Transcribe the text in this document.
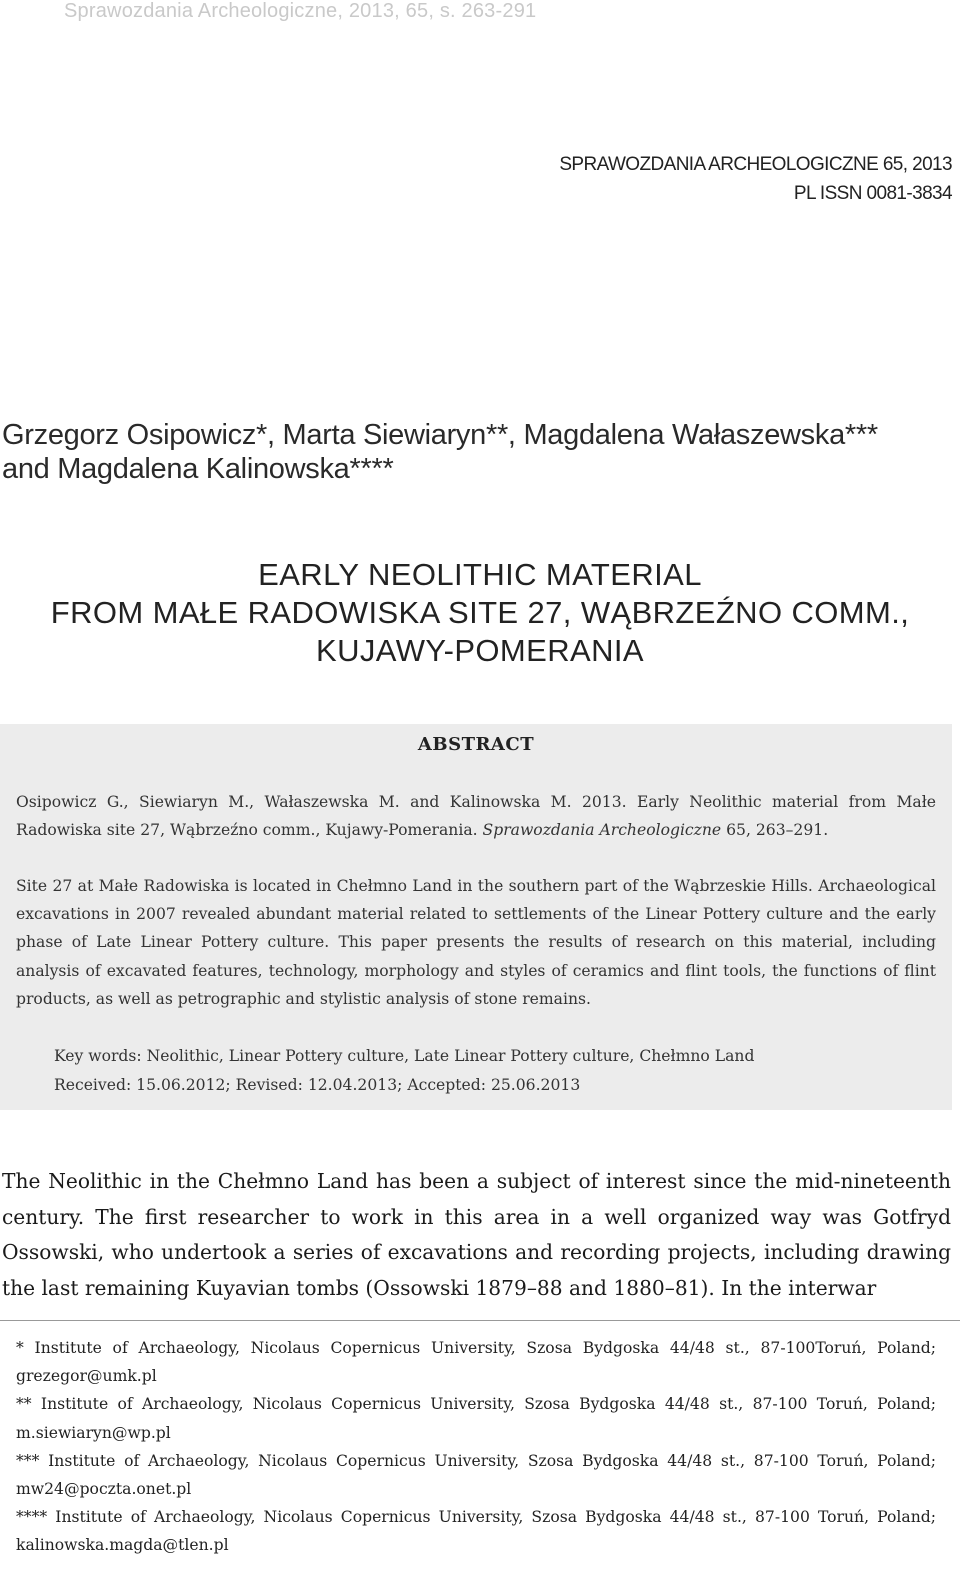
Sprawozdania Archeologiczne, 2013, 65, s. 263-291
SPRAWOZDANIA ARCHEOLOGICZNE 65, 2013
PL ISSN 0081-3834
Grzegorz Osipowicz*, Marta Siewiaryn**, Magdalena Wałaszewska***
and Magdalena Kalinowska****
EARLY NEOLITHIC MATERIAL
FROM MAŁE RADOWISKA SITE 27, WĄBRZEŹNO COMM.,
KUJAWY-POMERANIA
ABSTRACT
Osipowicz G., Siewiaryn M., Wałaszewska M. and Kalinowska M. 2013. Early Neolithic material from Małe Radowiska site 27, Wąbrzeźno comm., Kujawy-Pomerania. Sprawozdania Archeologiczne 65, 263–291.
Site 27 at Małe Radowiska is located in Chełmno Land in the southern part of the Wąbrzeskie Hills. Archaeological excavations in 2007 revealed abundant material related to settlements of the Linear Pottery culture and the early phase of Late Linear Pottery culture. This paper presents the results of research on this material, including analysis of excavated features, technology, morphology and styles of ceramics and flint tools, the functions of flint products, as well as petrographic and stylistic analysis of stone remains.
Key words: Neolithic, Linear Pottery culture, Late Linear Pottery culture, Chełmno Land
Received: 15.06.2012; Revised: 12.04.2013; Accepted: 25.06.2013
The Neolithic in the Chełmno Land has been a subject of interest since the mid-nineteenth century. The first researcher to work in this area in a well organized way was Gotfryd Ossowski, who undertook a series of excavations and recording projects, including drawing the last remaining Kuyavian tombs (Ossowski 1879–88 and 1880–81). In the interwar

* Institute of Archaeology, Nicolaus Copernicus University, Szosa Bydgoska 44/48 st., 87-100Toruń, Poland; grezegor@umk.pl

** Institute of Archaeology, Nicolaus Copernicus University, Szosa Bydgoska 44/48 st., 87-100 Toruń, Poland; m.siewiaryn@wp.pl

*** Institute of Archaeology, Nicolaus Copernicus University, Szosa Bydgoska 44/48 st., 87-100 Toruń, Poland; mw24@poczta.onet.pl

**** Institute of Archaeology, Nicolaus Copernicus University, Szosa Bydgoska 44/48 st., 87-100 Toruń, Poland; kalinowska.magda@tlen.pl
